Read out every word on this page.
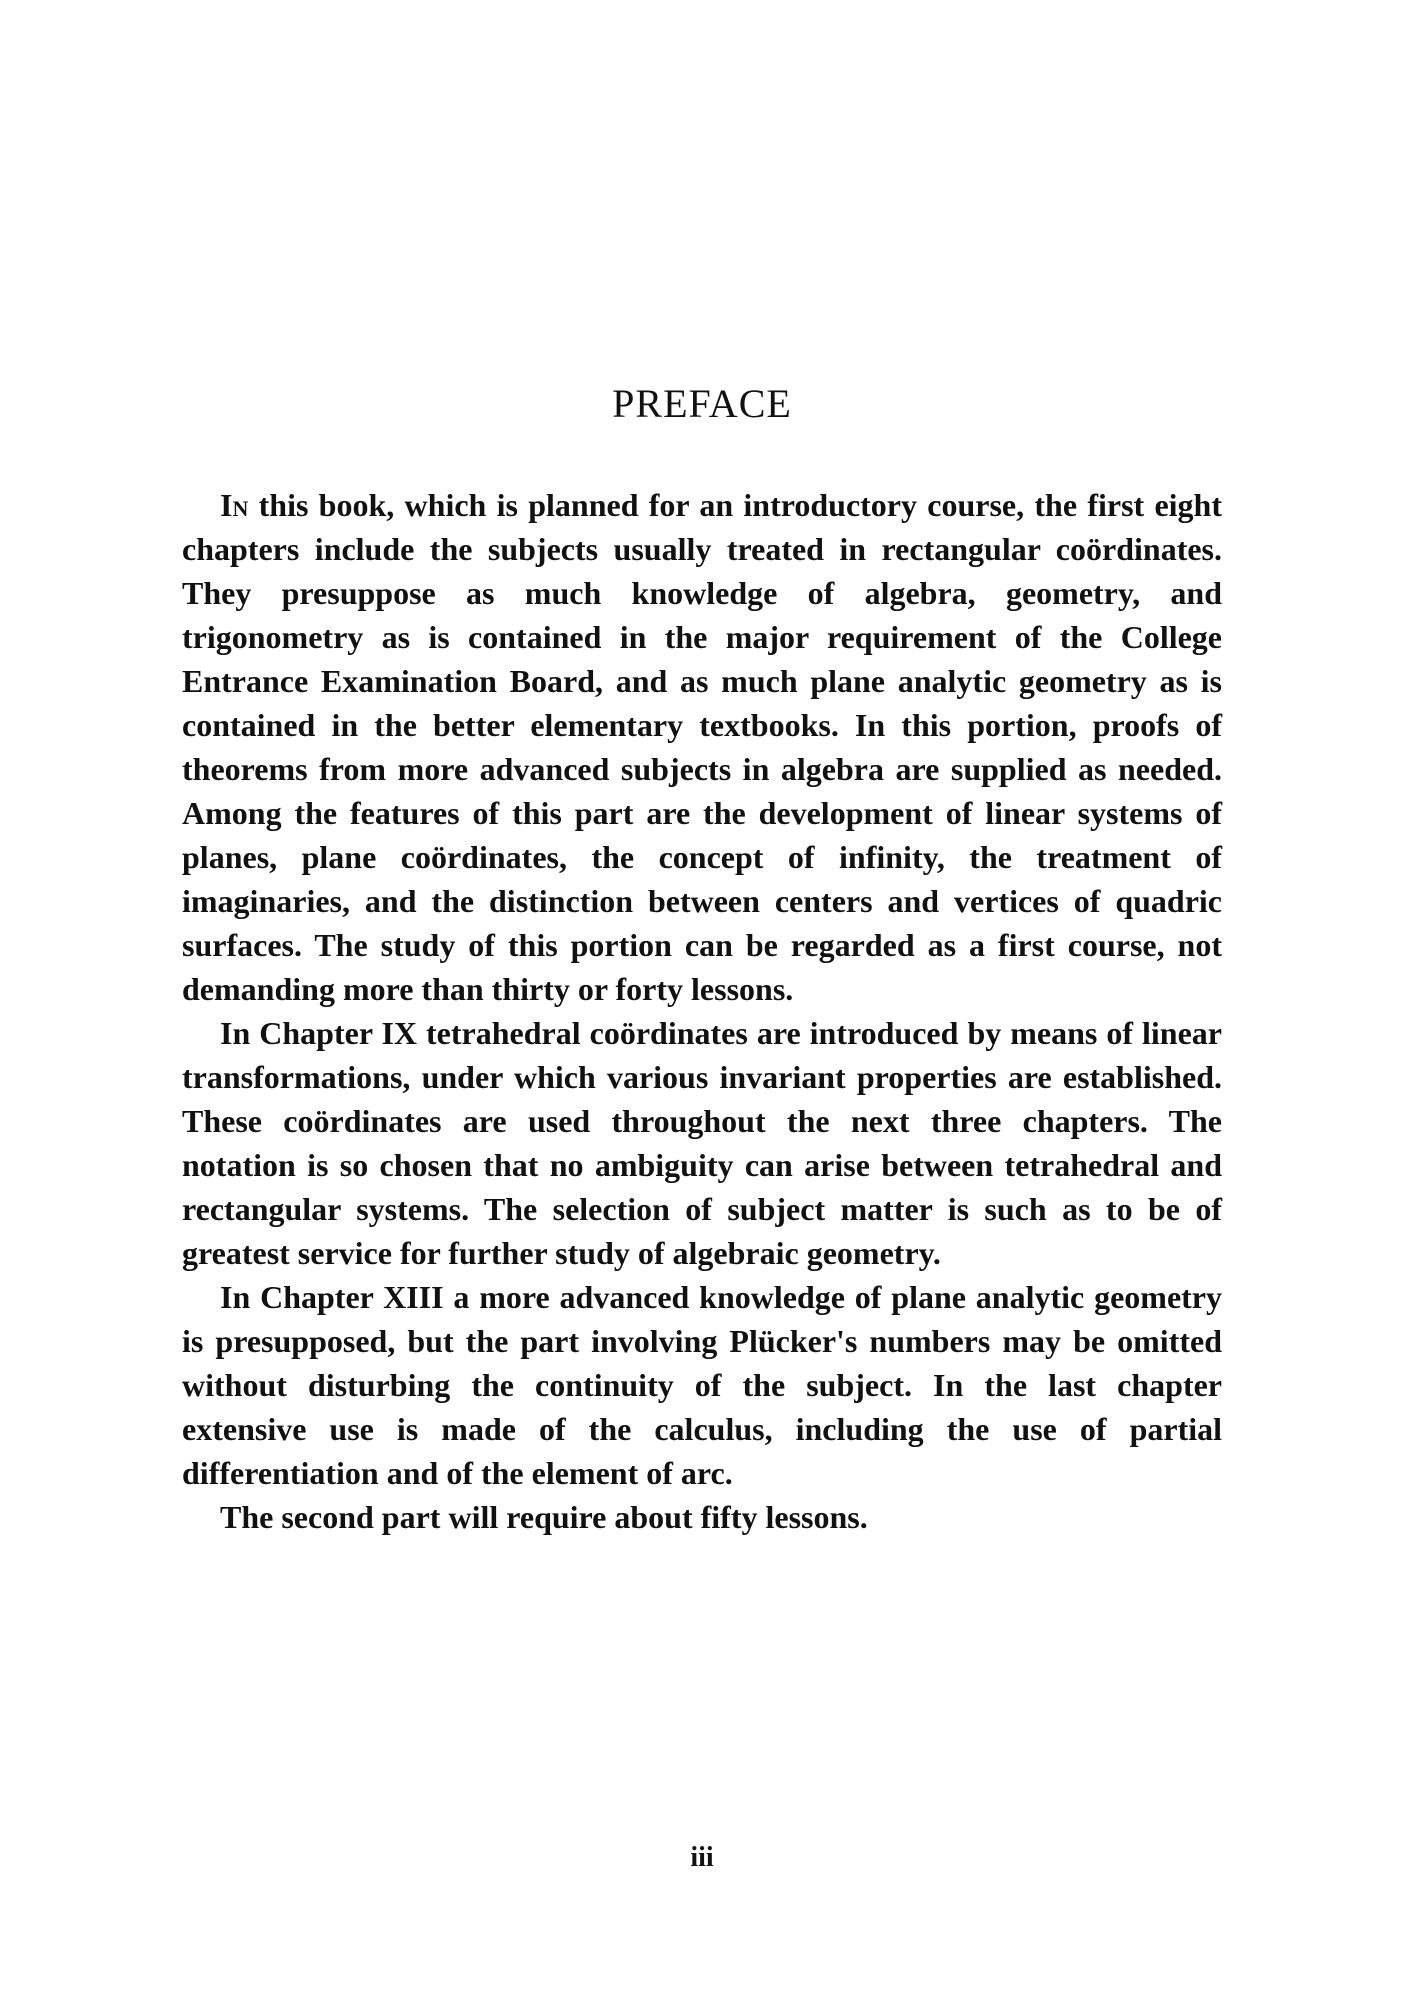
PREFACE

In this book, which is planned for an introductory course, the first eight chapters include the subjects usually treated in rectangular coördinates. They presuppose as much knowledge of algebra, geometry, and trigonometry as is contained in the major requirement of the College Entrance Examination Board, and as much plane analytic geometry as is contained in the better elementary textbooks. In this portion, proofs of theorems from more advanced subjects in algebra are supplied as needed. Among the features of this part are the development of linear systems of planes, plane coördinates, the concept of infinity, the treatment of imaginaries, and the distinction between centers and vertices of quadric surfaces. The study of this portion can be regarded as a first course, not demanding more than thirty or forty lessons.

In Chapter IX tetrahedral coördinates are introduced by means of linear transformations, under which various invariant properties are established. These coördinates are used throughout the next three chapters. The notation is so chosen that no ambiguity can arise between tetrahedral and rectangular systems. The selection of subject matter is such as to be of greatest service for further study of algebraic geometry.

In Chapter XIII a more advanced knowledge of plane analytic geometry is presupposed, but the part involving Plücker's numbers may be omitted without disturbing the continuity of the subject. In the last chapter extensive use is made of the calculus, including the use of partial differentiation and of the element of arc.

The second part will require about fifty lessons.

iii
